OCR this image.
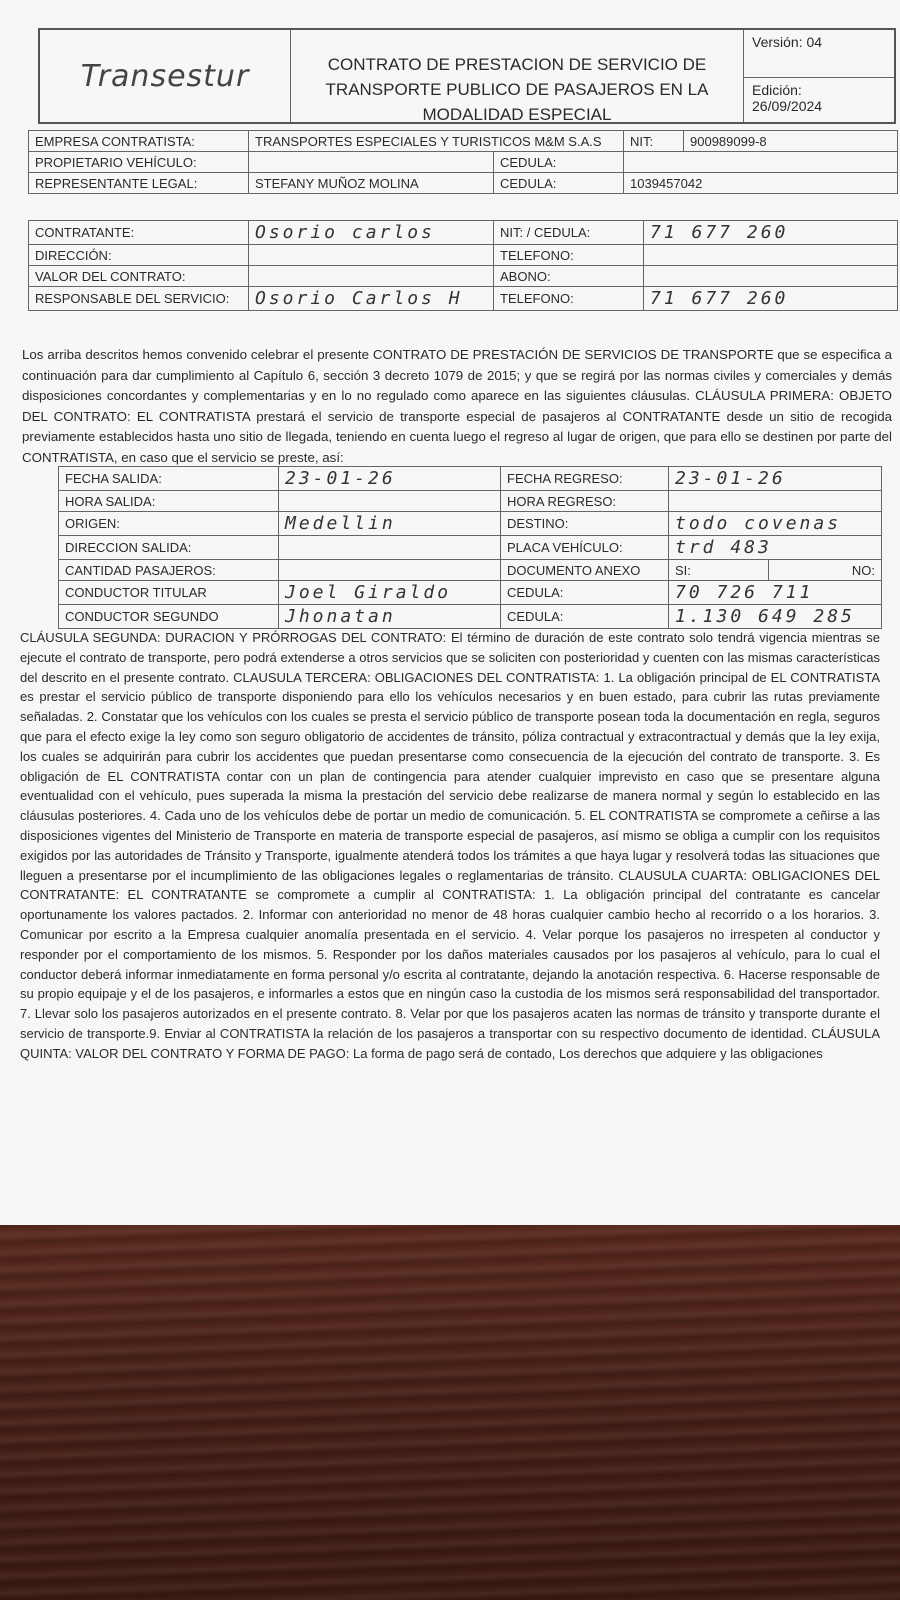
Transestur	CONTRATO DE PRESTACION DE SERVICIO DE TRANSPORTE PUBLICO DE PASAJEROS EN LA MODALIDAD ESPECIAL
Versión: 04
Edición:
26/09/2024
EMPRESA CONTRATISTA:	TRANSPORTES ESPECIALES Y TURISTICOS M&M S.A.S		NIT:	900989099-8
PROPIETARIO VEHÍCULO:		CEDULA:		
REPRESENTANTE LEGAL:	STEFANY MUÑOZ MOLINA	CEDULA:	1039457042	
CONTRATANTE:	Osorio carlos	NIT: / CEDULA:	71 677 260
DIRECCIÓN:		TELEFONO:	
VALOR DEL CONTRATO:		ABONO:	
RESPONSABLE DEL SERVICIO:	Osorio Carlos H	TELEFONO:	71 677 260
Los arriba descritos hemos convenido celebrar el presente CONTRATO DE PRESTACIÓN DE SERVICIOS DE TRANSPORTE que se especifica a continuación para dar cumplimiento al Capítulo 6, sección 3 decreto 1079 de 2015; y que se regirá por las normas civiles y comerciales y demás disposiciones concordantes y complementarias y en lo no regulado como aparece en las siguientes cláusulas. CLÁUSULA PRIMERA: OBJETO DEL CONTRATO: EL CONTRATISTA prestará el servicio de transporte especial de pasajeros al CONTRATANTE desde un sitio de recogida previamente establecidos hasta uno sitio de llegada, teniendo en cuenta luego el regreso al lugar de origen, que para ello se destinen por parte del CONTRATISTA, en caso que el servicio se preste, así:
FECHA SALIDA:	23-01-26	FECHA REGRESO:	23-01-26	
HORA SALIDA:		HORA REGRESO:		
ORIGEN:	Medellin	DESTINO:	todo covenas	
DIRECCION SALIDA:		PLACA VEHÍCULO:	trd 483	
CANTIDAD PASAJEROS:		DOCUMENTO ANEXO	SI:	NO:
CONDUCTOR TITULAR	Joel Giraldo	CEDULA:	70 726 711	
CONDUCTOR SEGUNDO	Jhonatan	CEDULA:	1.130 649 285	
CLÁUSULA SEGUNDA: DURACION Y PRÓRROGAS DEL CONTRATO: El término de duración de este contrato solo tendrá vigencia mientras se ejecute el contrato de transporte, pero podrá extenderse a otros servicios que se soliciten con posterioridad y cuenten con las mismas características del descrito en el presente contrato. CLAUSULA TERCERA: OBLIGACIONES DEL CONTRATISTA: 1. La obligación principal de EL CONTRATISTA es prestar el servicio público de transporte disponiendo para ello los vehículos necesarios y en buen estado, para cubrir las rutas previamente señaladas. 2. Constatar que los vehículos con los cuales se presta el servicio público de transporte posean toda la documentación en regla, seguros que para el efecto exige la ley como son seguro obligatorio de accidentes de tránsito, póliza contractual y extracontractual y demás que la ley exija, los cuales se adquirirán para cubrir los accidentes que puedan presentarse como consecuencia de la ejecución del contrato de transporte. 3. Es obligación de EL CONTRATISTA contar con un plan de contingencia para atender cualquier imprevisto en caso que se presentare alguna eventualidad con el vehículo, pues superada la misma la prestación del servicio debe realizarse de manera normal y según lo establecido en las cláusulas posteriores. 4. Cada uno de los vehículos debe de portar un medio de comunicación. 5. EL CONTRATISTA se compromete a ceñirse a las disposiciones vigentes del Ministerio de Transporte en materia de transporte especial de pasajeros, así mismo se obliga a cumplir con los requisitos exigidos por las autoridades de Tránsito y Transporte, igualmente atenderá todos los trámites a que haya lugar y resolverá todas las situaciones que lleguen a presentarse por el incumplimiento de las obligaciones legales o reglamentarias de tránsito. CLAUSULA CUARTA: OBLIGACIONES DEL CONTRATANTE: EL CONTRATANTE se compromete a cumplir al CONTRATISTA: 1. La obligación principal del contratante es cancelar oportunamente los valores pactados. 2. Informar con anterioridad no menor de 48 horas cualquier cambio hecho al recorrido o a los horarios. 3. Comunicar por escrito a la Empresa cualquier anomalía presentada en el servicio. 4. Velar porque los pasajeros no irrespeten al conductor y responder por el comportamiento de los mismos. 5. Responder por los daños materiales causados por los pasajeros al vehículo, para lo cual el conductor deberá informar inmediatamente en forma personal y/o escrita al contratante, dejando la anotación respectiva. 6. Hacerse responsable de su propio equipaje y el de los pasajeros, e informarles a estos que en ningún caso la custodia de los mismos será responsabilidad del transportador. 7. Llevar solo los pasajeros autorizados en el presente contrato. 8. Velar por que los pasajeros acaten las normas de tránsito y transporte durante el servicio de transporte.9. Enviar al CONTRATISTA la relación de los pasajeros a transportar con su respectivo documento de identidad. CLÁUSULA QUINTA: VALOR DEL CONTRATO Y FORMA DE PAGO: La forma de pago será de contado, Los derechos que adquiere y las obligaciones
